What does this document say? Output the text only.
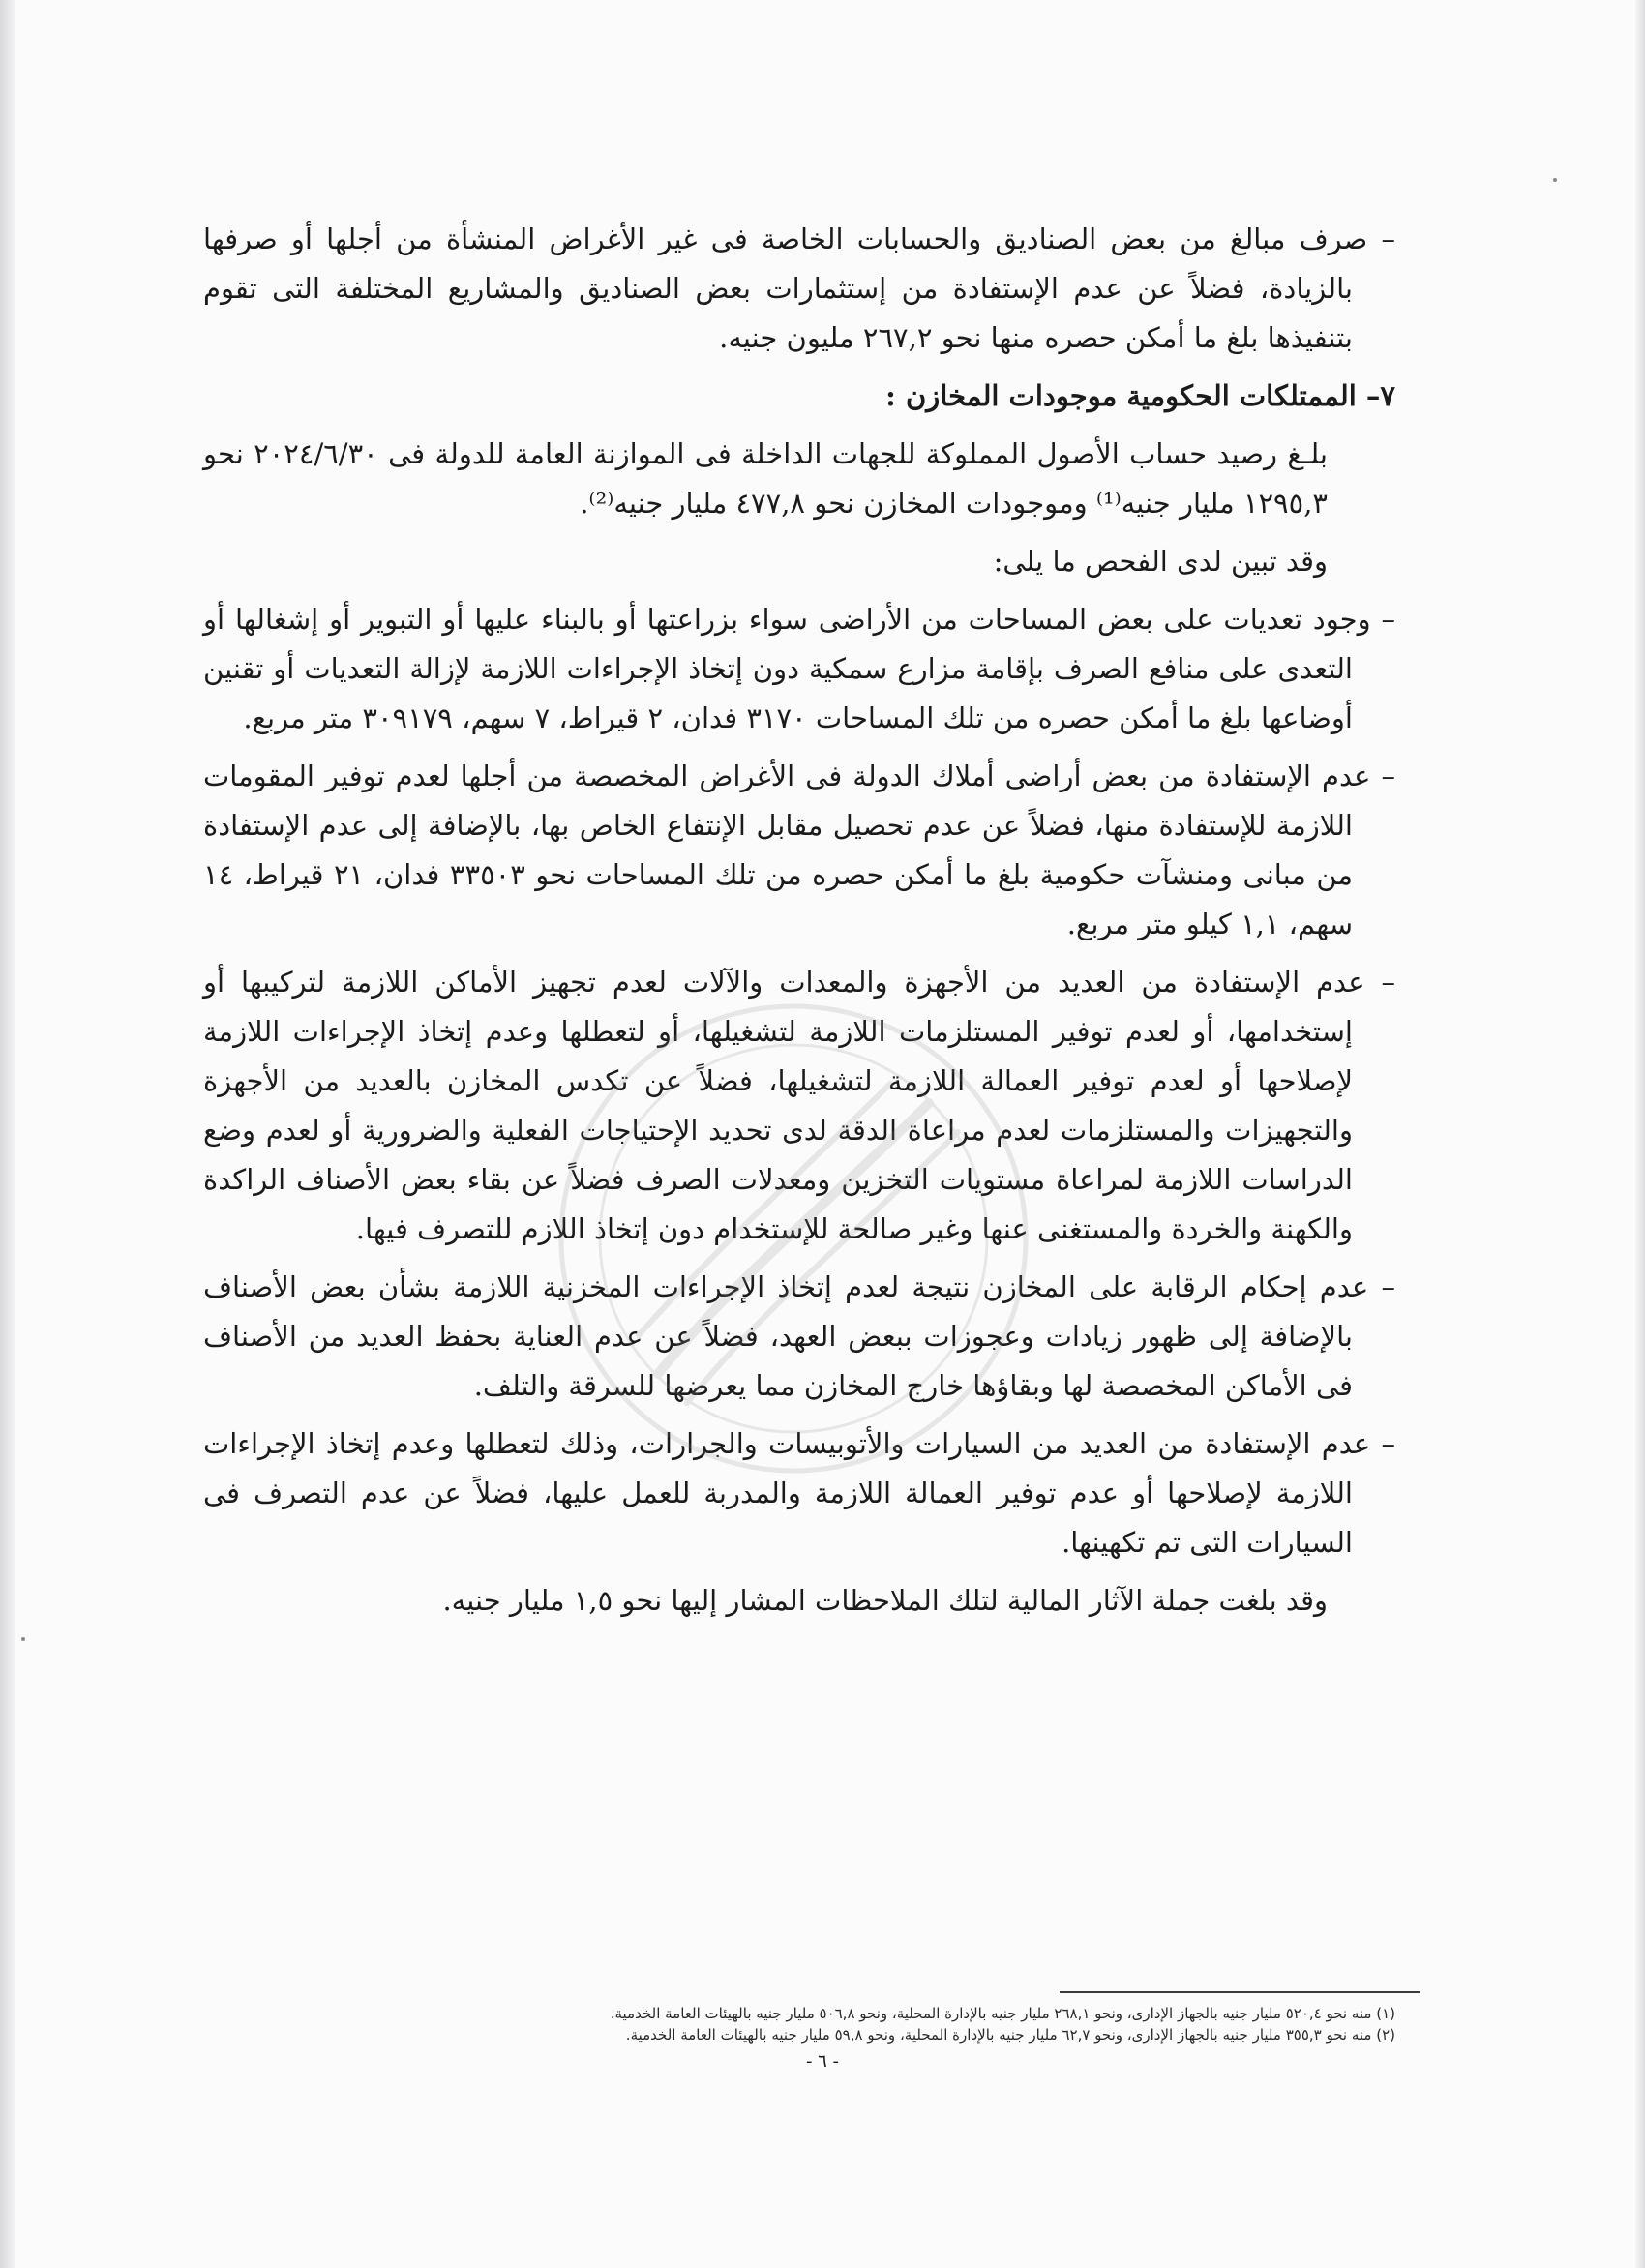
– صرف مبالغ من بعض الصناديق والحسابات الخاصة فى غير الأغراض المنشأة من أجلها أو صرفها بالزيادة، فضلاً عن عدم الإستفادة من إستثمارات بعض الصناديق والمشاريع المختلفة التى تقوم بتنفيذها بلغ ما أمكن حصره منها نحو ٢٦٧,٢ مليون جنيه.

٧– الممتلكات الحكومية موجودات المخازن :

بلـغ رصيد حساب الأصول المملوكة للجهات الداخلة فى الموازنة العامة للدولة فى ٢٠٢٤/٦/٣٠ نحو ١٢٩٥,٣ مليار جنيه⁽¹⁾ وموجودات المخازن نحو ٤٧٧,٨ مليار جنيه⁽²⁾.

وقد تبين لدى الفحص ما يلى:

– وجود تعديات على بعض المساحات من الأراضى سواء بزراعتها أو بالبناء عليها أو التبوير أو إشغالها أو التعدى على منافع الصرف بإقامة مزارع سمكية دون إتخاذ الإجراءات اللازمة لإزالة التعديات أو تقنين أوضاعها بلغ ما أمكن حصره من تلك المساحات ٣١٧٠ فدان، ٢ قيراط، ٧ سهم، ٣٠٩١٧٩ متر مربع.

– عدم الإستفادة من بعض أراضى أملاك الدولة فى الأغراض المخصصة من أجلها لعدم توفير المقومات اللازمة للإستفادة منها، فضلاً عن عدم تحصيل مقابل الإنتفاع الخاص بها، بالإضافة إلى عدم الإستفادة من مبانى ومنشآت حكومية بلغ ما أمكن حصره من تلك المساحات نحو ٣٣٥٠٣ فدان، ٢١ قيراط، ١٤ سهم، ١,١ كيلو متر مربع.

– عدم الإستفادة من العديد من الأجهزة والمعدات والآلات لعدم تجهيز الأماكن اللازمة لتركيبها أو إستخدامها، أو لعدم توفير المستلزمات اللازمة لتشغيلها، أو لتعطلها وعدم إتخاذ الإجراءات اللازمة لإصلاحها أو لعدم توفير العمالة اللازمة لتشغيلها، فضلاً عن تكدس المخازن بالعديد من الأجهزة والتجهيزات والمستلزمات لعدم مراعاة الدقة لدى تحديد الإحتياجات الفعلية والضرورية أو لعدم وضع الدراسات اللازمة لمراعاة مستويات التخزين ومعدلات الصرف فضلاً عن بقاء بعض الأصناف الراكدة والكهنة والخردة والمستغنى عنها وغير صالحة للإستخدام دون إتخاذ اللازم للتصرف فيها.

– عدم إحكام الرقابة على المخازن نتيجة لعدم إتخاذ الإجراءات المخزنية اللازمة بشأن بعض الأصناف بالإضافة إلى ظهور زيادات وعجوزات ببعض العهد، فضلاً عن عدم العناية بحفظ العديد من الأصناف فى الأماكن المخصصة لها وبقاؤها خارج المخازن مما يعرضها للسرقة والتلف.

– عدم الإستفادة من العديد من السيارات والأتوبيسات والجرارات، وذلك لتعطلها وعدم إتخاذ الإجراءات اللازمة لإصلاحها أو عدم توفير العمالة اللازمة والمدربة للعمل عليها، فضلاً عن عدم التصرف فى السيارات التى تم تكهينها.

وقد بلغت جملة الآثار المالية لتلك الملاحظات المشار إليها نحو ١,٥ مليار جنيه.

(١) منه نحو ٥٢٠,٤ مليار جنيه بالجهاز الإدارى، ونحو ٢٦٨,١ مليار جنيه بالإدارة المحلية، ونحو ٥٠٦,٨ مليار جنيه بالهيئات العامة الخدمية.

(٢) منه نحو ٣٥٥,٣ مليار جنيه بالجهاز الإدارى، ونحو ٦٢,٧ مليار جنيه بالإدارة المحلية، ونحو ٥٩,٨ مليار جنيه بالهيئات العامة الخدمية.

- ٦ -
